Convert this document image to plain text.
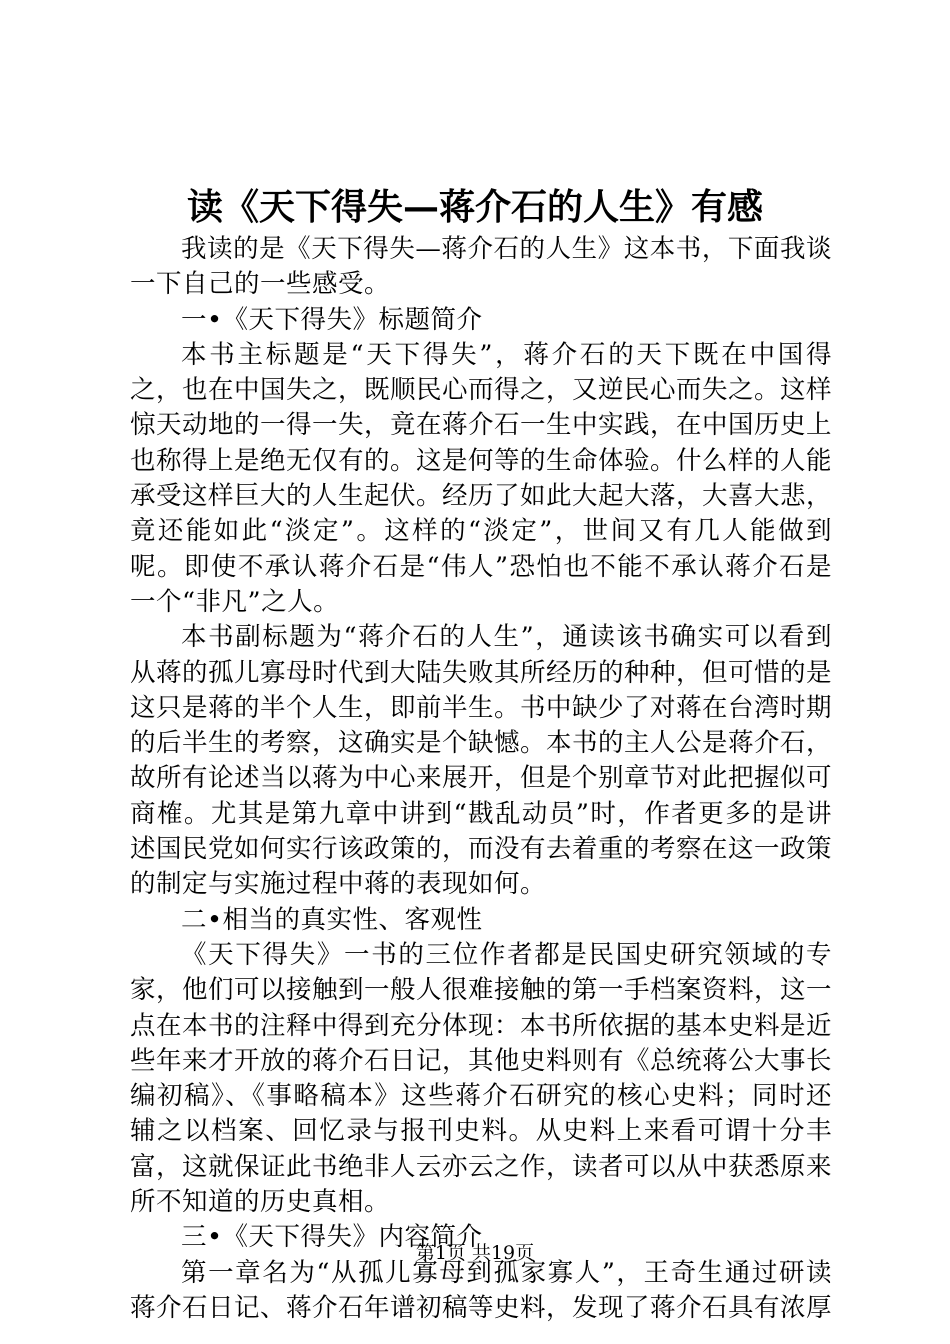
读《天下得失—蒋介石的人生》有感

我读的是《天下得失—蒋介石的人生》这本书，下面我谈一下自己的一些感受。

一•《天下得失》标题简介

本书主标题是“天下得失”，蒋介石的天下既在中国得之，也在中国失之，既顺民心而得之，又逆民心而失之。这样惊天动地的一得一失，竟在蒋介石一生中实践，在中国历史上也称得上是绝无仅有的。这是何等的生命体验。什么样的人能承受这样巨大的人生起伏。经历了如此大起大落，大喜大悲，竟还能如此“淡定”。这样的“淡定”，世间又有几人能做到呢。即使不承认蒋介石是“伟人”恐怕也不能不承认蒋介石是一个“非凡”之人。

本书副标题为“蒋介石的人生”，通读该书确实可以看到从蒋的孤儿寡母时代到大陆失败其所经历的种种，但可惜的是这只是蒋的半个人生，即前半生。书中缺少了对蒋在台湾时期的后半生的考察，这确实是个缺憾。本书的主人公是蒋介石，故所有论述当以蒋为中心来展开，但是个别章节对此把握似可商榷。尤其是第九章中讲到“戡乱动员”时，作者更多的是讲述国民党如何实行该政策的，而没有去着重的考察在这一政策的制定与实施过程中蒋的表现如何。

二•相当的真实性、客观性

《天下得失》一书的三位作者都是民国史研究领域的专家，他们可以接触到一般人很难接触的第一手档案资料，这一点在本书的注释中得到充分体现：本书所依据的基本史料是近些年来才开放的蒋介石日记，其他史料则有《总统蒋公大事长编初稿》、《事略稿本》这些蒋介石研究的核心史料；同时还辅之以档案、回忆录与报刊史料。从史料上来看可谓十分丰富，这就保证此书绝非人云亦云之作，读者可以从中获悉原来所不知道的历史真相。

三•《天下得失》内容简介

第一章名为“从孤儿寡母到孤家寡人”，王奇生通过研读蒋介石日记、蒋介石年谱初稿等史料，发现了蒋介石具有浓厚

第1页 共19页
